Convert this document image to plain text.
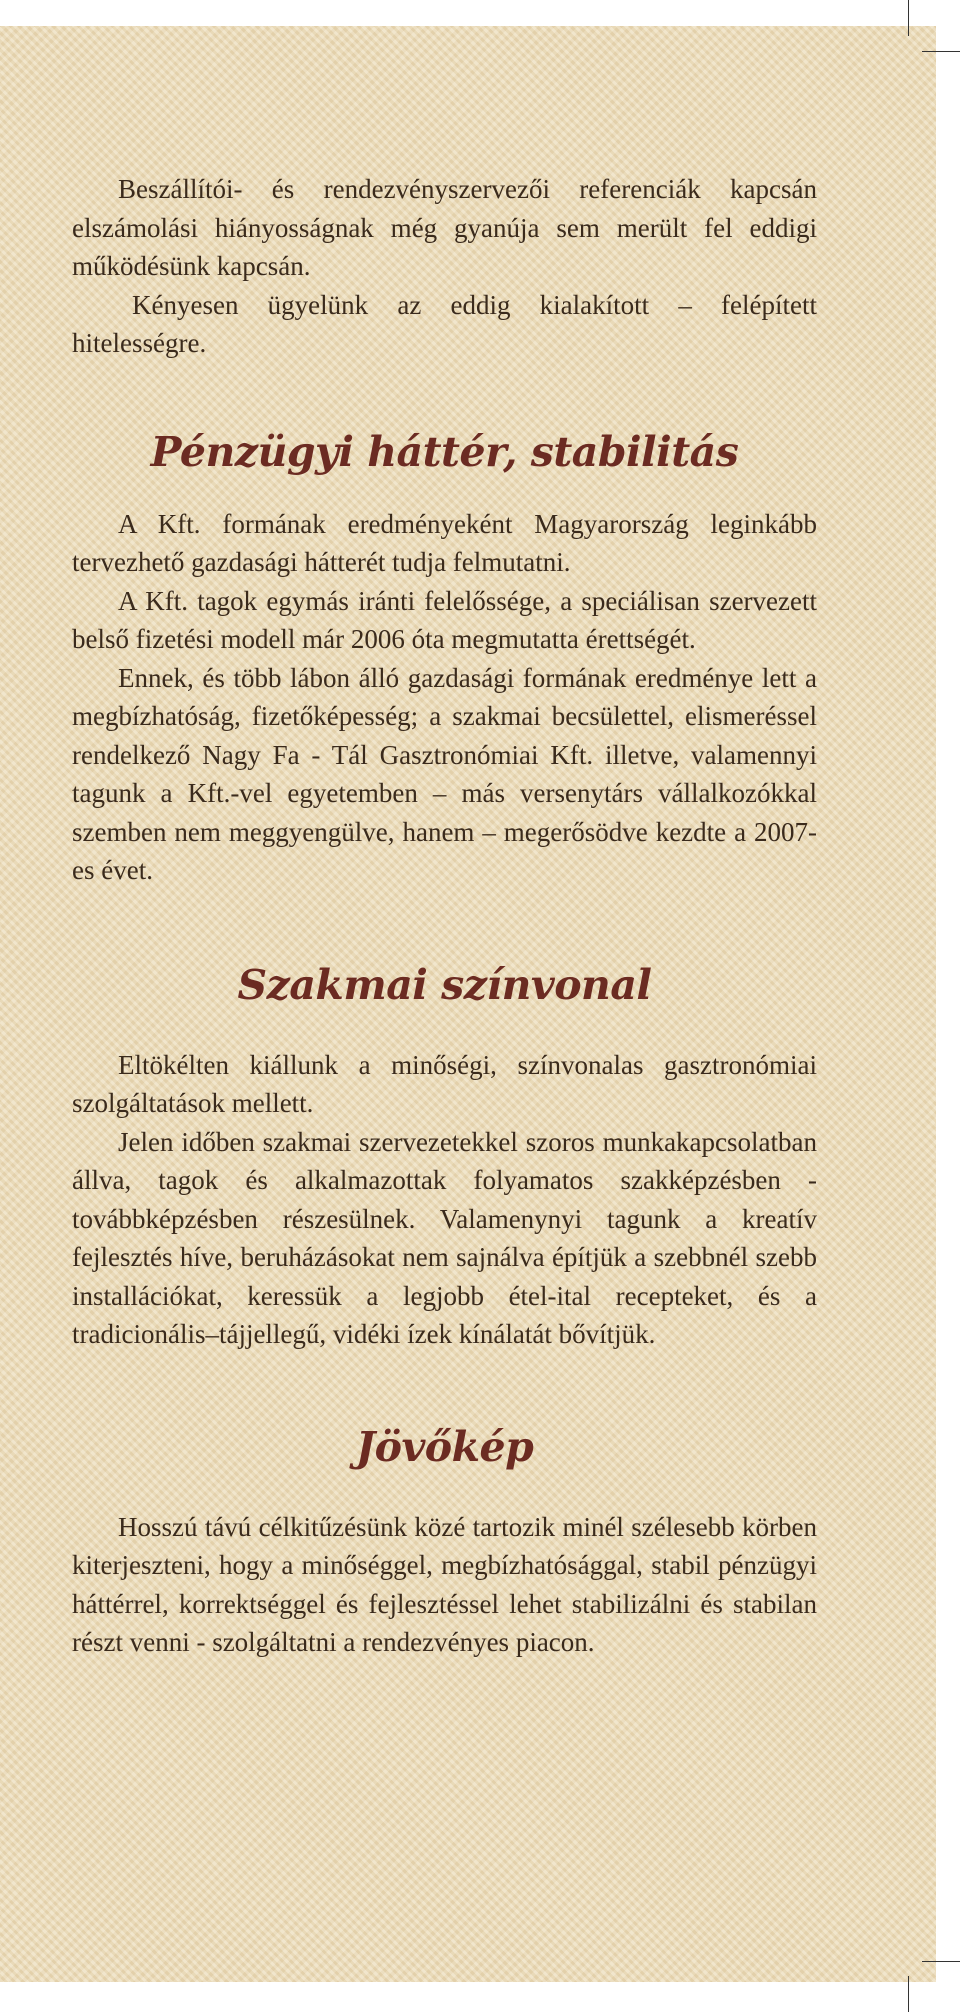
Beszállítói- és rendezvényszervezői referenciák kapcsán elszámolási hiányosságnak még gyanúja sem merült fel eddigi működésünk kapcsán.

Kényesen ügyelünk az eddig kialakított – felépített hitelességre.

Pénzügyi háttér, stabilitás

A Kft. formának eredményeként Magyarország leginkább tervezhető gazdasági hátterét tudja felmutatni.

A Kft. tagok egymás iránti felelőssége, a speciálisan szervezett belső fizetési modell már 2006 óta megmutatta érettségét.

Ennek, és több lábon álló gazdasági formának eredménye lett a megbízhatóság, fizetőképesség; a szakmai becsülettel, elismeréssel rendelkező Nagy Fa - Tál Gasztronómiai Kft. illetve, valamennyi tagunk a Kft.-vel egyetemben – más versenytárs vállalkozókkal szemben nem meggyengülve, hanem – megerősödve kezdte a 2007-es évet.

Szakmai színvonal

Eltökélten kiállunk a minőségi, színvonalas gasztronómiai szolgáltatások mellett.

Jelen időben szakmai szervezetekkel szoros munkakapcsolatban állva, tagok és alkalmazottak folyamatos szakképzésben - továbbképzésben részesülnek. Valamenynyi tagunk a kreatív fejlesztés híve, beruházásokat nem sajnálva építjük a szebbnél szebb installációkat, keressük a legjobb étel-ital recepteket, és a tradicionális–tájjellegű, vidéki ízek kínálatát bővítjük.

Jövőkép

Hosszú távú célkitűzésünk közé tartozik minél szélesebb körben kiterjeszteni, hogy a minőséggel, megbízhatósággal, stabil pénzügyi háttérrel, korrektséggel és fejlesztéssel lehet stabilizálni és stabilan részt venni - szolgáltatni a rendezvényes piacon.
